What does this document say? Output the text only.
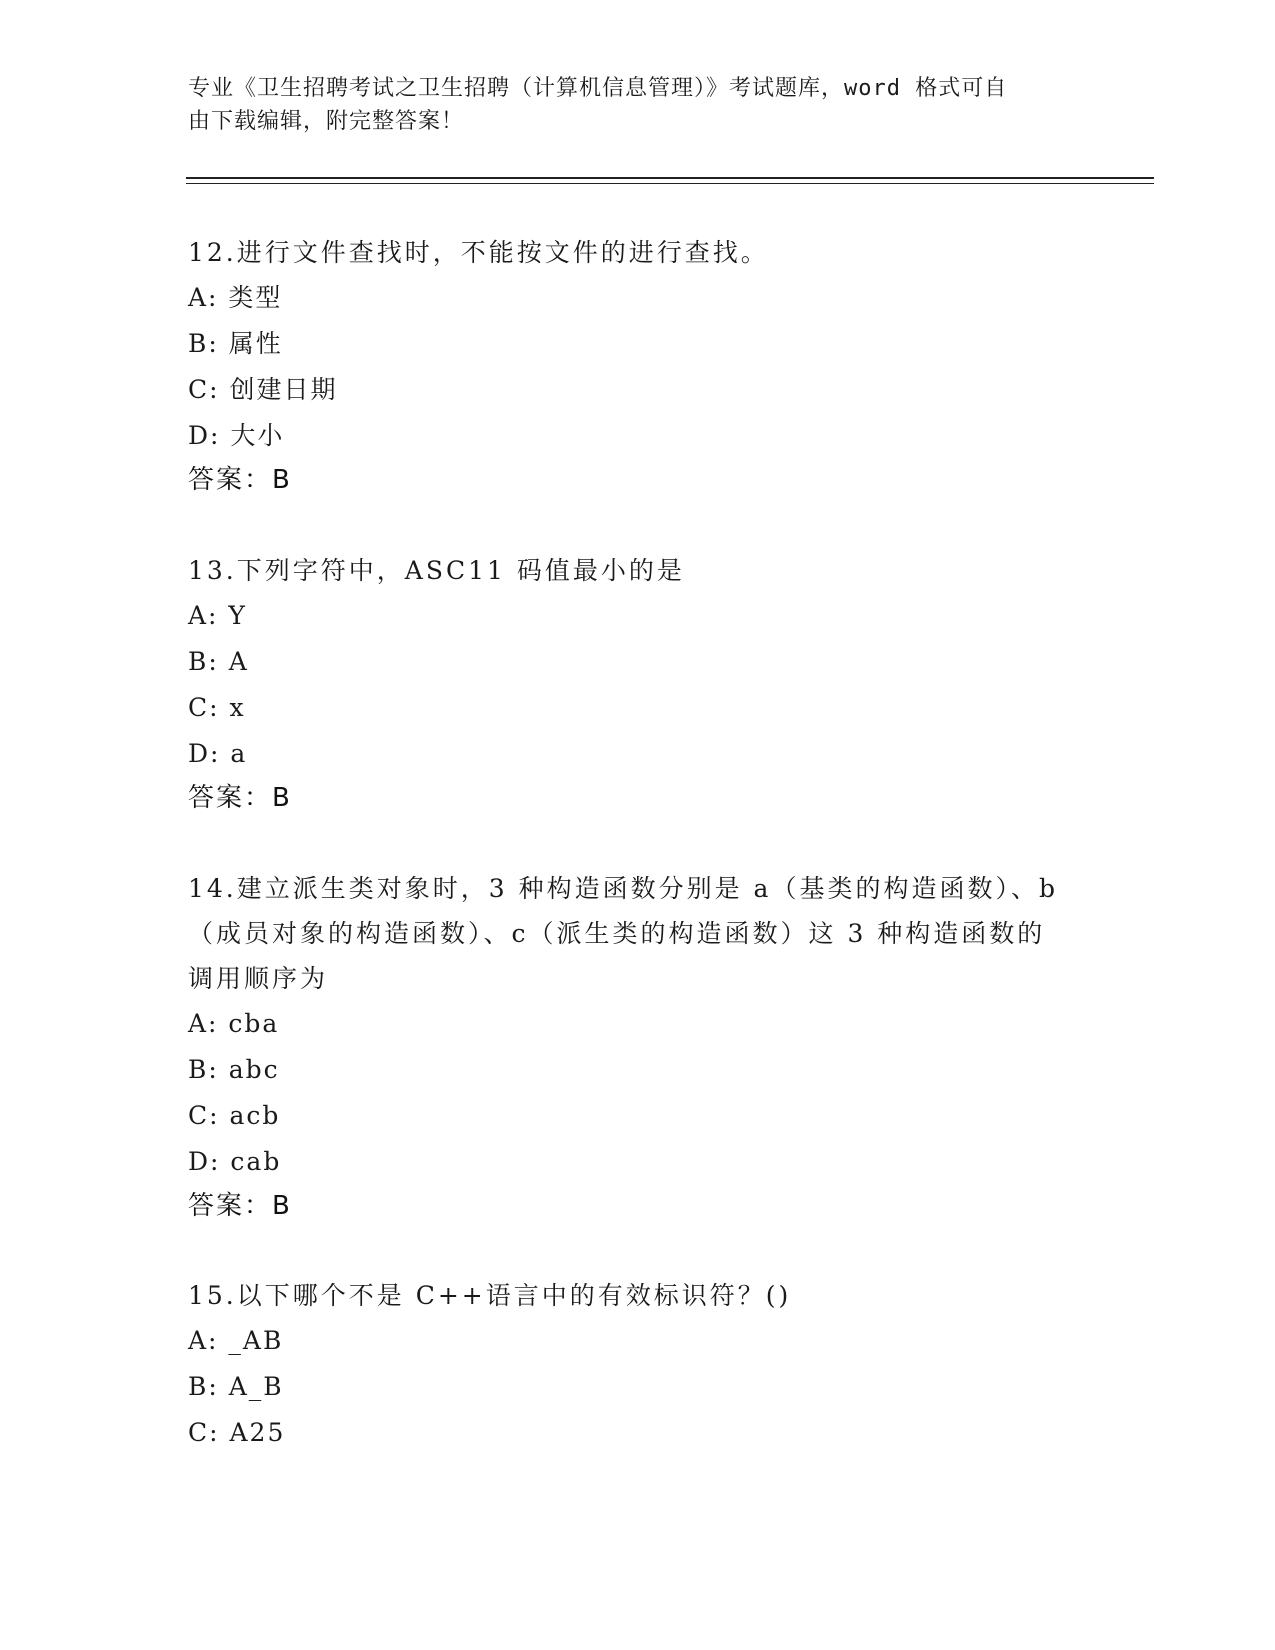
专业《卫生招聘考试之卫生招聘（计算机信息管理）》考试题库，word 格式可自
由下载编辑，附完整答案！

12.进行文件查找时，不能按文件的进行查找。

A: 类型

B: 属性

C: 创建日期

D: 大小

答案：B

13.下列字符中，ASC11 码值最小的是

A: Y

B: A

C: x

D: a

答案：B

14.建立派生类对象时，3 种构造函数分别是 a（基类的构造函数）、b

（成员对象的构造函数）、c（派生类的构造函数）这 3 种构造函数的

调用顺序为

A: cba

B: abc

C: acb

D: cab

答案：B

15.以下哪个不是 C++语言中的有效标识符？()

A: _AB

B: A_B

C: A25
